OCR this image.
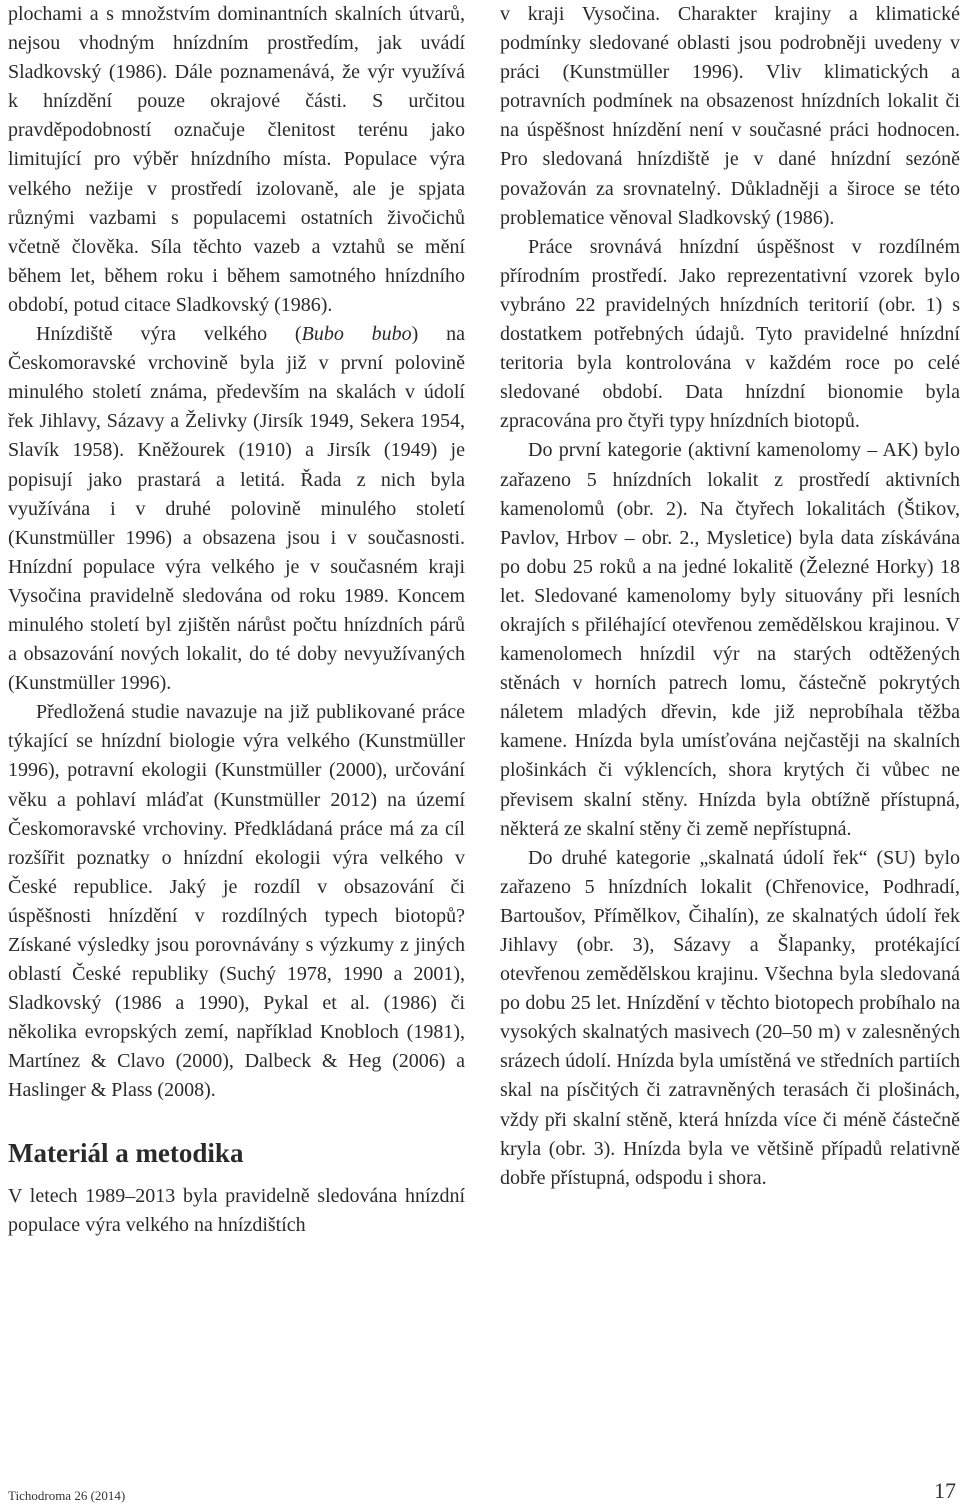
plochami a s množstvím dominantních skalních útvarů, nejsou vhodným hnízdním prostředím, jak uvádí Sladkovský (1986). Dále poznamenává, že výr využívá k hnízdění pouze okrajové části. S určitou pravděpodobností označuje členitost terénu jako limitující pro výběr hnízdního místa. Populace výra velkého nežije v prostředí izolovaně, ale je spjata různými vazbami s populacemi ostatních živočichů včetně člověka. Síla těchto vazeb a vztahů se mění během let, během roku i během samotného hnízdního období, potud citace Sladkovský (1986).

Hnízdiště výra velkého (Bubo bubo) na Českomoravské vrchovině byla již v první polovině minulého století známa, především na skalách v údolí řek Jihlavy, Sázavy a Želivky (Jirsík 1949, Sekera 1954, Slavík 1958). Kněžourek (1910) a Jirsík (1949) je popisují jako prastará a letitá. Řada z nich byla využívána i v druhé polovině minulého století (Kunstmüller 1996) a obsazena jsou i v současnosti. Hnízdní populace výra velkého je v současném kraji Vysočina pravidelně sledována od roku 1989. Koncem minulého století byl zjištěn nárůst počtu hnízdních párů a obsazování nových lokalit, do té doby nevyužívaných (Kunstmüller 1996).

Předložená studie navazuje na již publikované práce týkající se hnízdní biologie výra velkého (Kunstmüller 1996), potravní ekologii (Kunstmüller (2000), určování věku a pohlaví mláďat (Kunstmüller 2012) na území Českomoravské vrchoviny. Předkládaná práce má za cíl rozšířit poznatky o hnízdní ekologii výra velkého v České republice. Jaký je rozdíl v obsazování či úspěšnosti hnízdění v rozdílných typech biotopů? Získané výsledky jsou porovnávány s výzkumy z jiných oblastí České republiky (Suchý 1978, 1990 a 2001), Sladkovský (1986 a 1990), Pykal et al. (1986) či několika evropských zemí, například Knobloch (1981), Martínez & Clavo (2000), Dalbeck & Heg (2006) a Haslinger & Plass (2008).

Materiál a metodika

V letech 1989–2013 byla pravidelně sledována hnízdní populace výra velkého na hnízdištích

v kraji Vysočina. Charakter krajiny a klimatické podmínky sledované oblasti jsou podrobněji uvedeny v práci (Kunstmüller 1996). Vliv klimatických a potravních podmínek na obsazenost hnízdních lokalit či na úspěšnost hnízdění není v současné práci hodnocen. Pro sledovaná hnízdiště je v dané hnízdní sezóně považován za srovnatelný. Důkladněji a široce se této problematice věnoval Sladkovský (1986).

Práce srovnává hnízdní úspěšnost v rozdílném přírodním prostředí. Jako reprezentativní vzorek bylo vybráno 22 pravidelných hnízdních teritorií (obr. 1) s dostatkem potřebných údajů. Tyto pravidelné hnízdní teritoria byla kontrolována v každém roce po celé sledované období. Data hnízdní bionomie byla zpracována pro čtyři typy hnízdních biotopů.

Do první kategorie (aktivní kamenolomy – AK) bylo zařazeno 5 hnízdních lokalit z prostředí aktivních kamenolomů (obr. 2). Na čtyřech lokalitách (Štikov, Pavlov, Hrbov – obr. 2., Mysletice) byla data získávána po dobu 25 roků a na jedné lokalitě (Železné Horky) 18 let. Sledované kamenolomy byly situovány při lesních okrajích s přiléhající otevřenou zemědělskou krajinou. V kamenolomech hnízdil výr na starých odtěžených stěnách v horních patrech lomu, částečně pokrytých náletem mladých dřevin, kde již neprobíhala těžba kamene. Hnízda byla umísťována nejčastěji na skalních plošinkách či výklencích, shora krytých či vůbec ne převisem skalní stěny. Hnízda byla obtížně přístupná, některá ze skalní stěny či země nepřístupná.

Do druhé kategorie „skalnatá údolí řek“ (SU) bylo zařazeno 5 hnízdních lokalit (Chřenovice, Podhradí, Bartoušov, Přímělkov, Čihalín), ze skalnatých údolí řek Jihlavy (obr. 3), Sázavy a Šlapanky, protékající otevřenou zemědělskou krajinu. Všechna byla sledovaná po dobu 25 let. Hnízdění v těchto biotopech probíhalo na vysokých skalnatých masivech (20–50 m) v zalesněných srázech údolí. Hnízda byla umístěná ve středních partiích skal na písčitých či zatravněných terasách či plošinách, vždy při skalní stěně, která hnízda více či méně částečně kryla (obr. 3). Hnízda byla ve většině případů relativně dobře přístupná, odspodu i shora.

Tichodroma 26 (2014)	17
